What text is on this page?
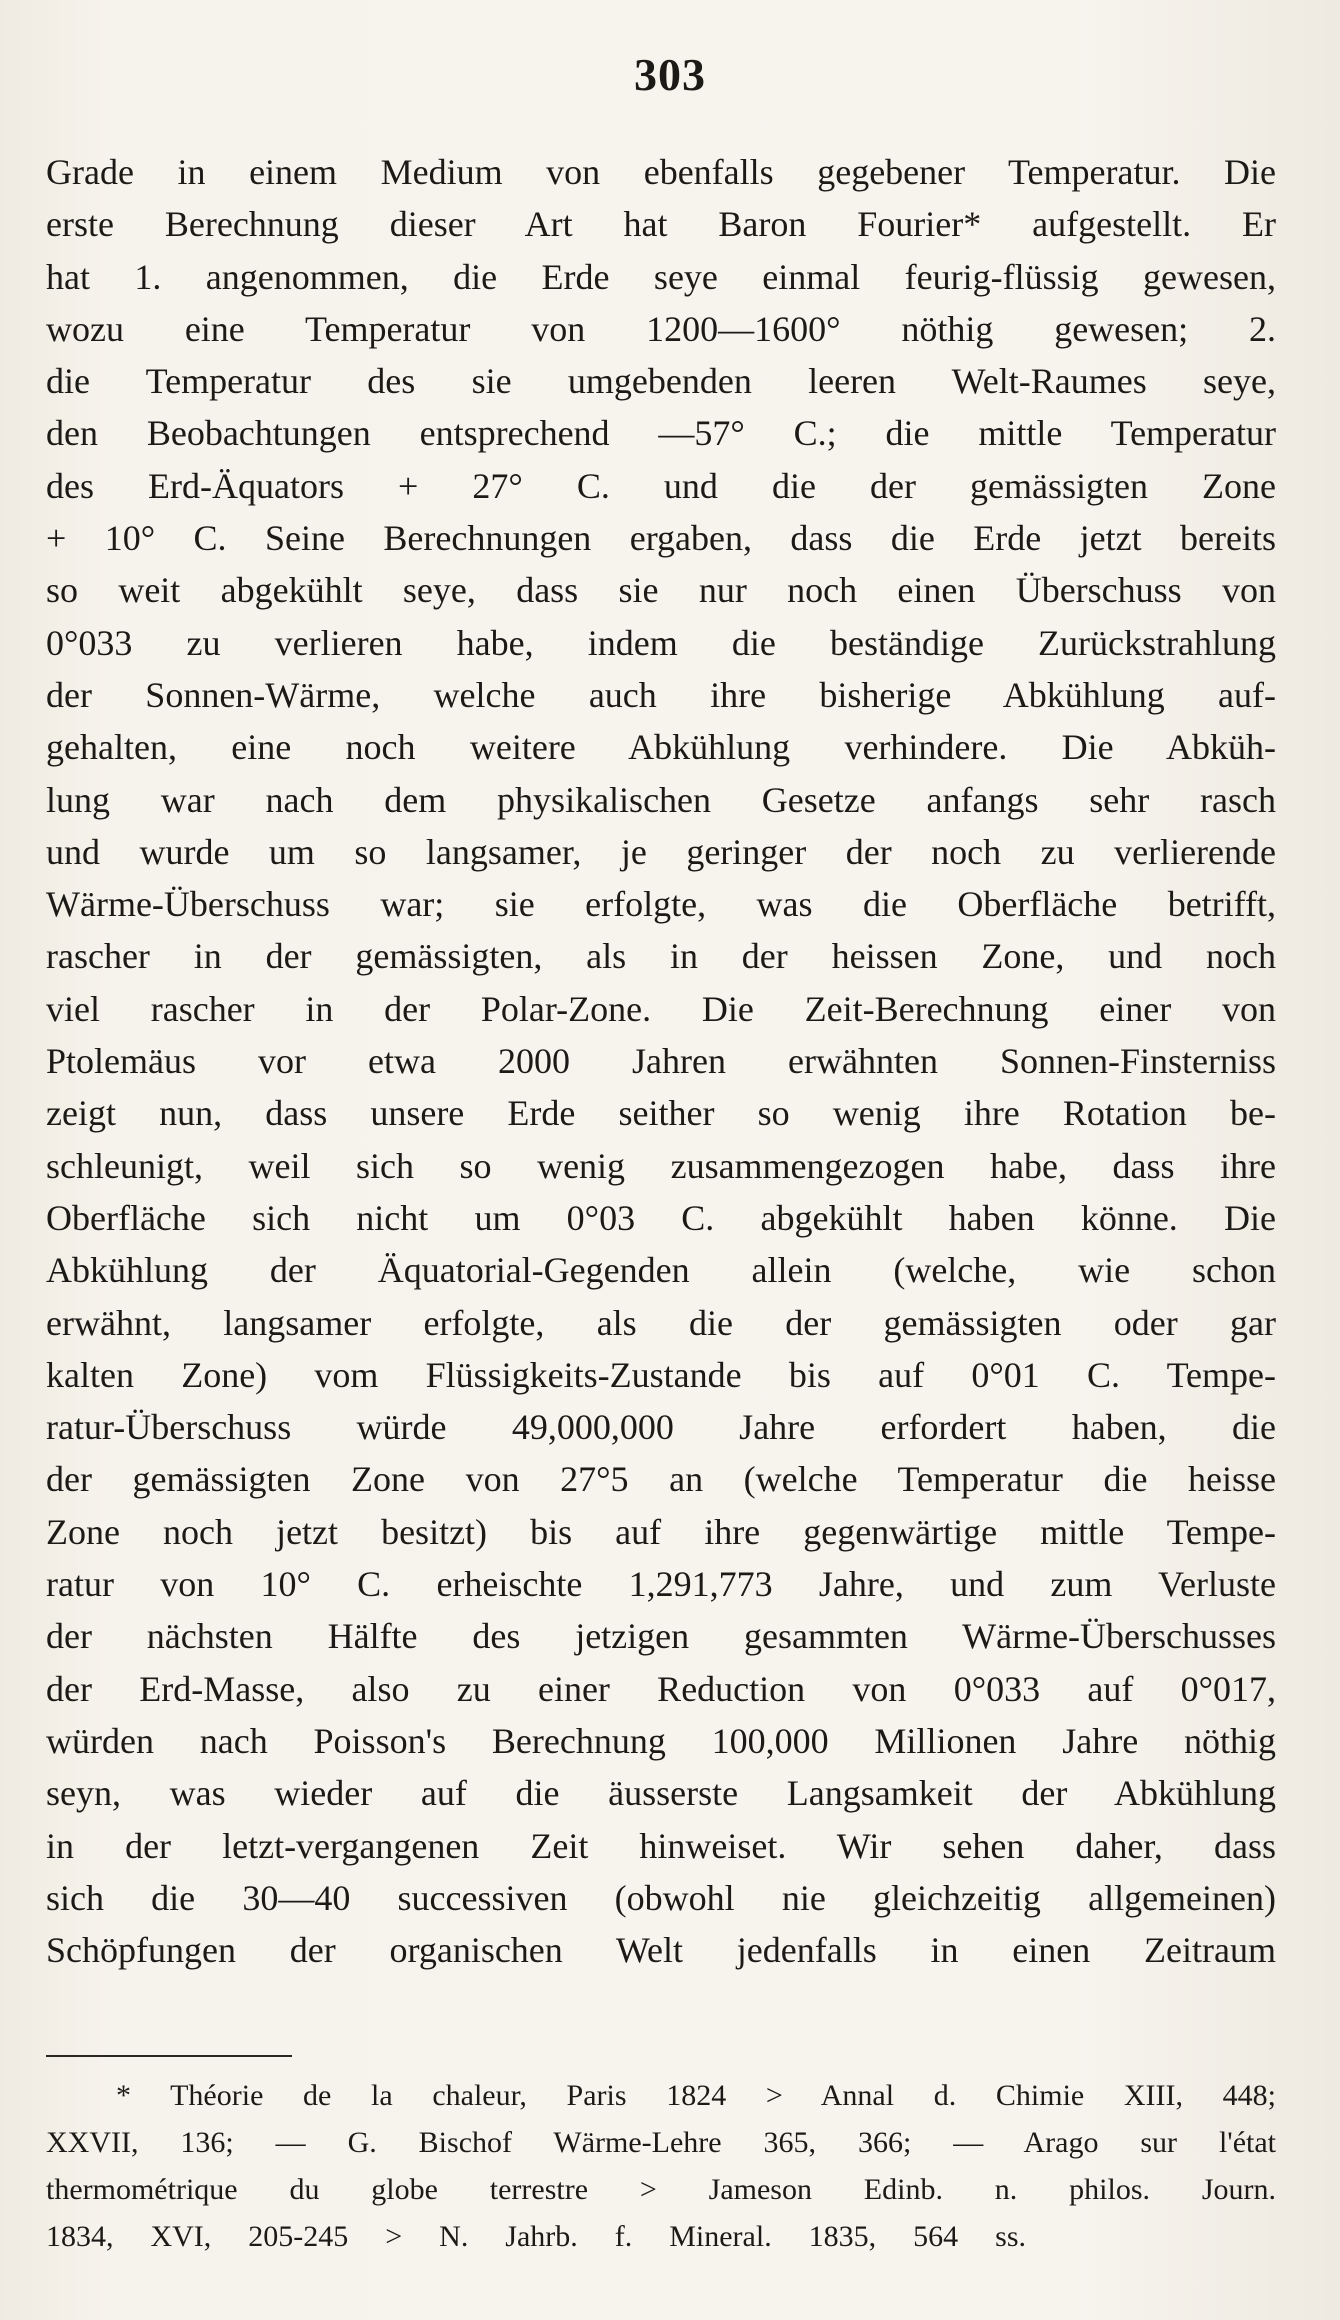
303
Grade in einem Medium von ebenfalls gegebener Temperatur. Die
erste Berechnung dieser Art hat Baron Fourier* aufgestellt. Er
hat 1. angenommen, die Erde seye einmal feurig-flüssig gewesen,
wozu eine Temperatur von 1200—1600° nöthig gewesen; 2.
die Temperatur des sie umgebenden leeren Welt-Raumes seye,
den Beobachtungen entsprechend —57° C.; die mittle Temperatur
des Erd-Äquators + 27° C. und die der gemässigten Zone
+ 10° C. Seine Berechnungen ergaben, dass die Erde jetzt bereits
so weit abgekühlt seye, dass sie nur noch einen Überschuss von
0°033 zu verlieren habe, indem die beständige Zurückstrahlung
der Sonnen-Wärme, welche auch ihre bisherige Abkühlung auf-
gehalten, eine noch weitere Abkühlung verhindere. Die Abküh-
lung war nach dem physikalischen Gesetze anfangs sehr rasch
und wurde um so langsamer, je geringer der noch zu verlierende
Wärme-Überschuss war; sie erfolgte, was die Oberfläche betrifft,
rascher in der gemässigten, als in der heissen Zone, und noch
viel rascher in der Polar-Zone. Die Zeit-Berechnung einer von
Ptolemäus vor etwa 2000 Jahren erwähnten Sonnen-Finsterniss
zeigt nun, dass unsere Erde seither so wenig ihre Rotation be-
schleunigt, weil sich so wenig zusammengezogen habe, dass ihre
Oberfläche sich nicht um 0°03 C. abgekühlt haben könne. Die
Abkühlung der Äquatorial-Gegenden allein (welche, wie schon
erwähnt, langsamer erfolgte, als die der gemässigten oder gar
kalten Zone) vom Flüssigkeits-Zustande bis auf 0°01 C. Tempe-
ratur-Überschuss würde 49,000,000 Jahre erfordert haben, die
der gemässigten Zone von 27°5 an (welche Temperatur die heisse
Zone noch jetzt besitzt) bis auf ihre gegenwärtige mittle Tempe-
ratur von 10° C. erheischte 1,291,773 Jahre, und zum Verluste
der nächsten Hälfte des jetzigen gesammten Wärme-Überschusses
der Erd-Masse, also zu einer Reduction von 0°033 auf 0°017,
würden nach Poisson's Berechnung 100,000 Millionen Jahre nöthig
seyn, was wieder auf die äusserste Langsamkeit der Abkühlung
in der letzt-vergangenen Zeit hinweiset. Wir sehen daher, dass
sich die 30—40 successiven (obwohl nie gleichzeitig allgemeinen)
Schöpfungen der organischen Welt jedenfalls in einen Zeitraum
* Théorie de la chaleur, Paris 1824 > Annal d. Chimie XIII, 448;
XXVII, 136; — G. Bischof Wärme-Lehre 365, 366; — Arago sur l'état
thermométrique du globe terrestre > Jameson Edinb. n. philos. Journ.
1834, XVI, 205-245 > N. Jahrb. f. Mineral. 1835, 564 ss.
